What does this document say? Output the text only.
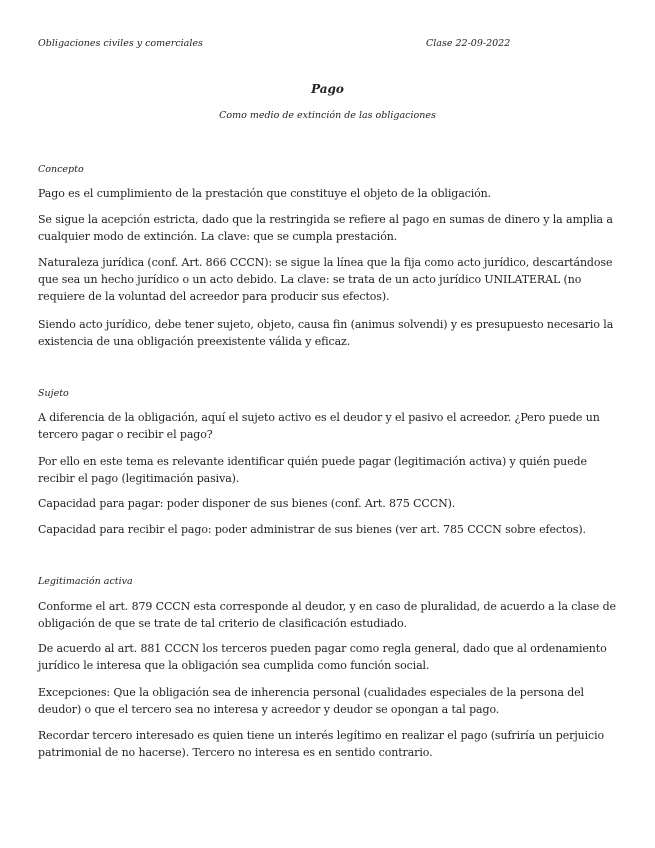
Obligaciones civiles y comerciales	Clase 22-09-2022
Pago
Como medio de extinción de las obligaciones
Concepto
Pago es el cumplimiento de la prestación que constituye el objeto de la obligación.
Se sigue la acepción estricta, dado que la restringida se refiere al pago en sumas de dinero y la amplia a cualquier modo de extinción. La clave: que se cumpla prestación.
Naturaleza jurídica (conf. Art. 866 CCCN): se sigue la línea que la fija como acto jurídico, descartándose que sea un hecho jurídico o un acto debido. La clave: se trata de un acto jurídico UNILATERAL (no requiere de la voluntad del acreedor para producir sus efectos).
Siendo acto jurídico, debe tener sujeto, objeto, causa fin (animus solvendi) y es presupuesto necesario la existencia de una obligación preexistente válida y eficaz.
Sujeto
A diferencia de la obligación, aquí el sujeto activo es el deudor y el pasivo el acreedor. ¿Pero puede un tercero pagar o recibir el pago?
Por ello en este tema es relevante identificar quién puede pagar (legitimación activa) y quién puede recibir el pago (legitimación pasiva).
Capacidad para pagar: poder disponer de sus bienes (conf. Art. 875 CCCN).
Capacidad para recibir el pago: poder administrar de sus bienes (ver art. 785 CCCN sobre efectos).
Legitimación activa
Conforme el art. 879 CCCN esta corresponde al deudor, y en caso de pluralidad, de acuerdo a la clase de obligación de que se trate de tal criterio de clasificación estudiado.
De acuerdo al art. 881 CCCN los terceros pueden pagar como regla general, dado que al ordenamiento jurídico le interesa que la obligación sea cumplida como función social.
Excepciones: Que la obligación sea de inherencia personal (cualidades especiales de la persona del deudor) o que el tercero sea no interesa y acreedor y deudor se opongan a tal pago.
Recordar tercero interesado es quien tiene un interés legítimo en realizar el pago (sufriría un perjuicio patrimonial de no hacerse). Tercero no interesa es en sentido contrario.
